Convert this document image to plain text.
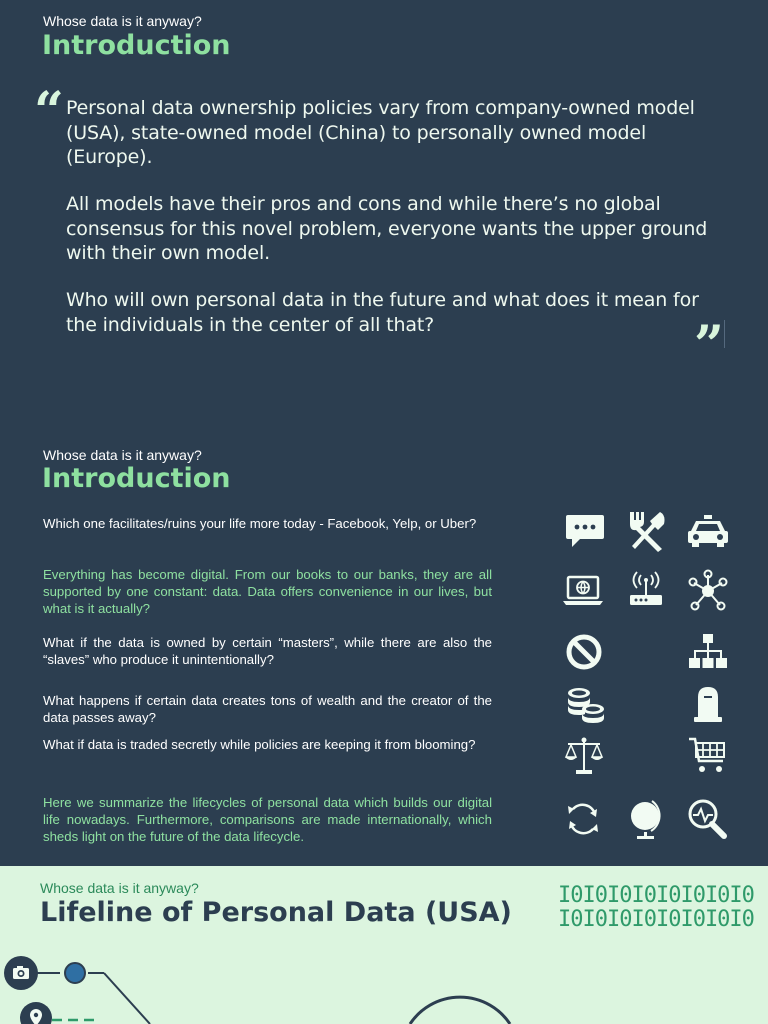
Whose data is it anyway?
Introduction
“ Personal data ownership policies vary from company-owned model (USA), state-owned model (China) to personally owned model (Europe).
All models have their pros and cons and while there’s no global consensus for this novel problem, everyone wants the upper ground with their own model.
Who will own personal data in the future and what does it mean for the individuals in the center of all that?	”
Whose data is it anyway?
Introduction
Which one facilitates/ruins your life more today - Facebook, Yelp, or Uber?
Everything has become digital. From our books to our banks, they are all supported by one constant: data. Data offers convenience in our lives, but what is it actually?
What if the data is owned by certain “masters”, while there are also the “slaves” who produce it unintentionally?
What happens if certain data creates tons of wealth and the creator of the data passes away?
What if data is traded secretly while policies are keeping it from blooming?
Here we summarize the lifecycles of personal data which builds our digital life nowadays. Furthermore, comparisons are made internationally, which sheds light on the future of the data lifecycle.
Whose data is it anyway?
Lifeline of Personal Data (USA)
I0I0I0I0I0I0I0I0
I0I0I0I0I0I0I0I0
